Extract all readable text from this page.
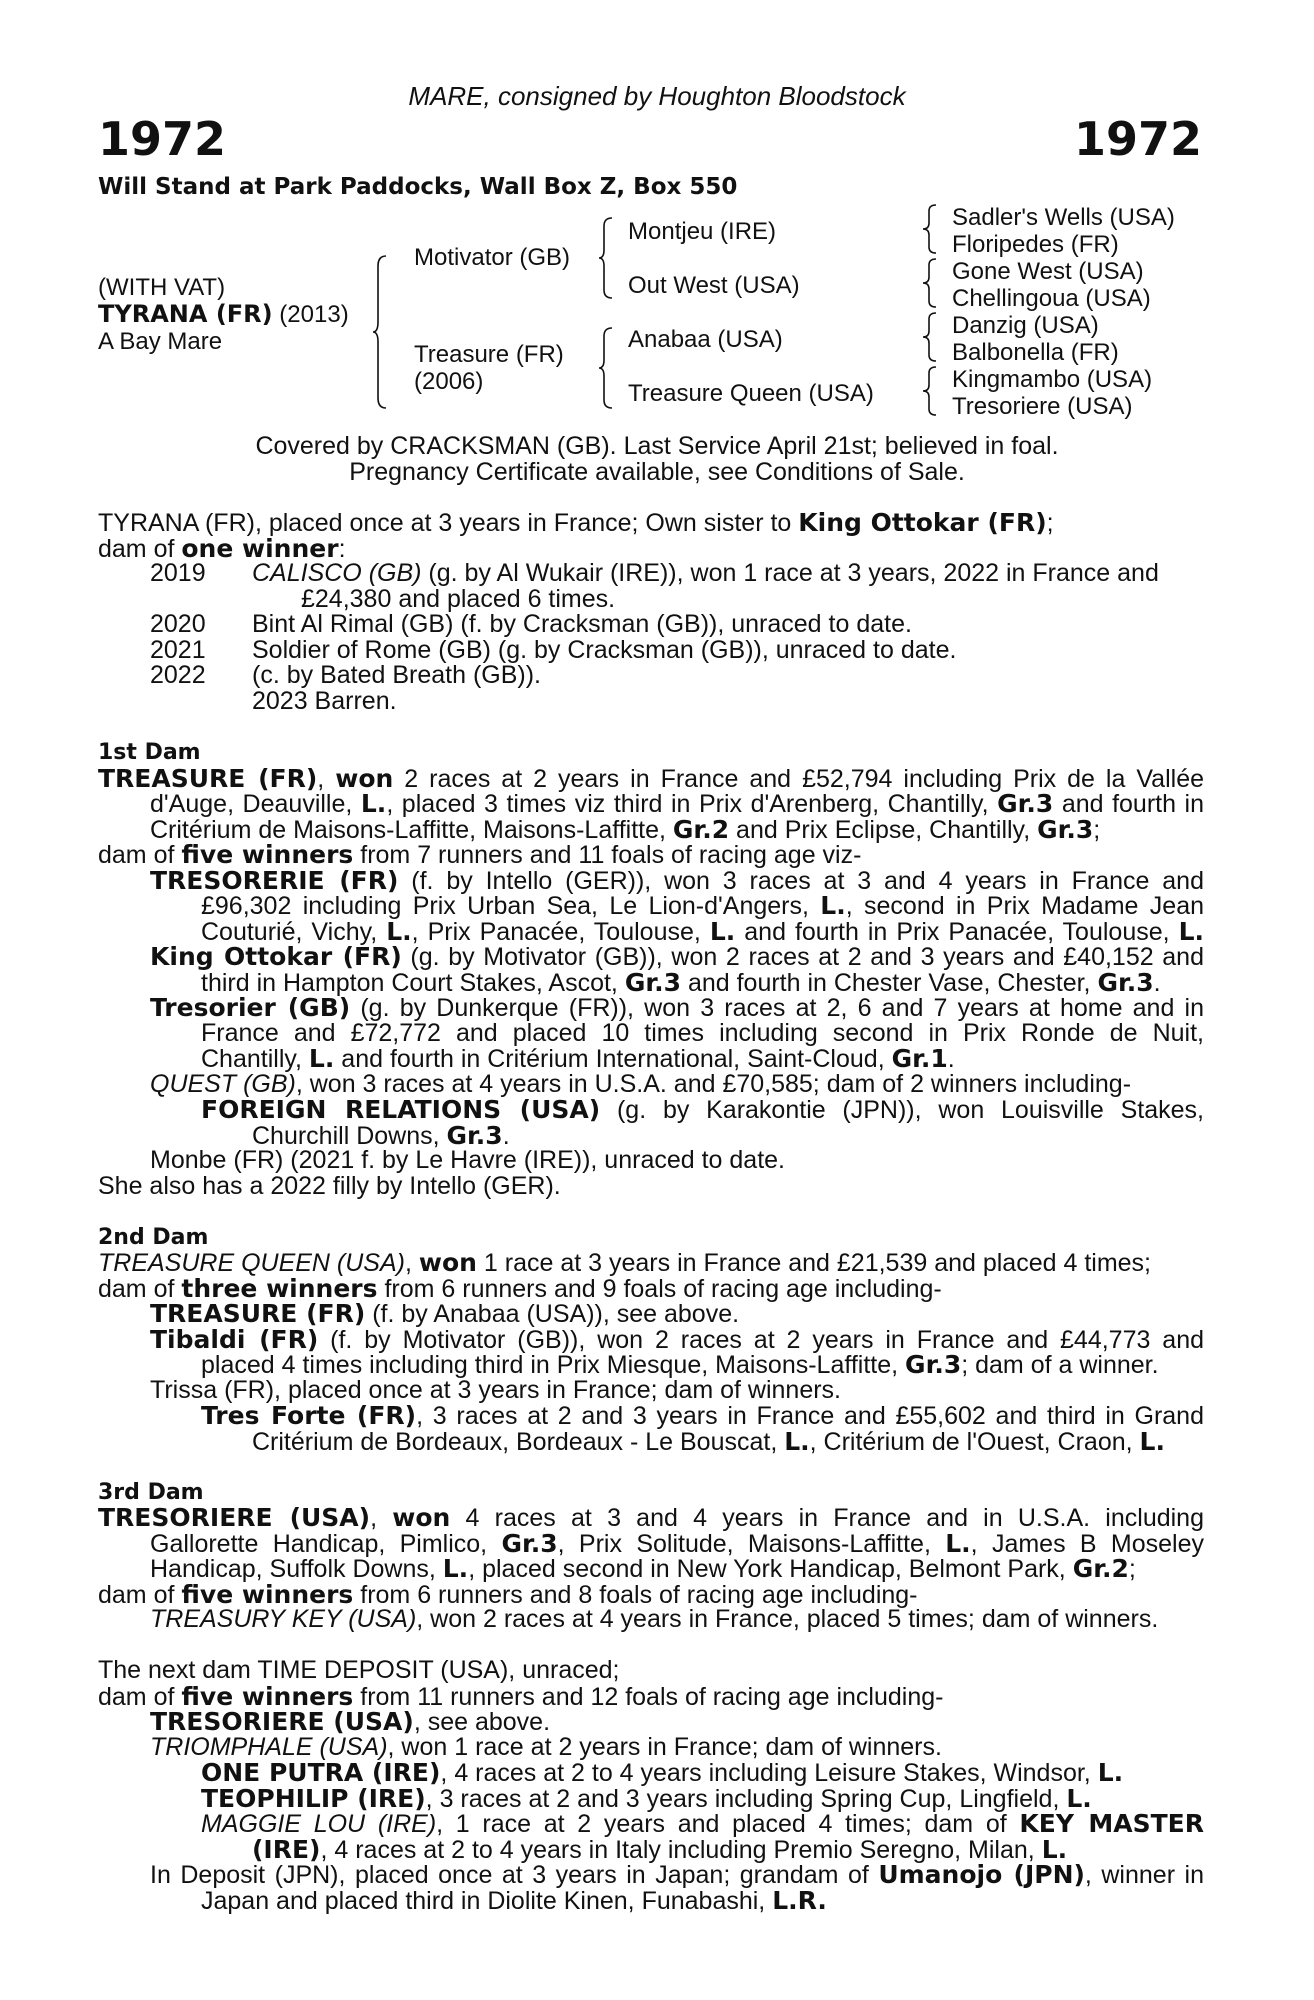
MARE, consigned by Houghton Bloodstock
1972	1972
Will Stand at Park Paddocks, Wall Box Z, Box 550
(WITH VAT)
TYRANA (FR) (2013)
A Bay Mare
Motivator (GB)
Treasure (FR)
(2006)
Montjeu (IRE)
Out West (USA)
Anabaa (USA)
Treasure Queen (USA)
Sadler's Wells (USA)
Floripedes (FR)
Gone West (USA)
Chellingoua (USA)
Danzig (USA)
Balbonella (FR)
Kingmambo (USA)
Tresoriere (USA)
Covered by CRACKSMAN (GB). Last Service April 21st; believed in foal.
Pregnancy Certificate available, see Conditions of Sale.
TYRANA (FR), placed once at 3 years in France; Own sister to King Ottokar (FR);
dam of one winner:
2019 CALISCO (GB) (g. by Al Wukair (IRE)), won 1 race at 3 years, 2022 in France and
£24,380 and placed 6 times.
2020 Bint Al Rimal (GB) (f. by Cracksman (GB)), unraced to date.
2021 Soldier of Rome (GB) (g. by Cracksman (GB)), unraced to date.
2022 (c. by Bated Breath (GB)).
2023 Barren.
1st Dam
TREASURE (FR), won 2 races at 2 years in France and £52,794 including Prix de la Vallée
d'Auge, Deauville, L., placed 3 times viz third in Prix d'Arenberg, Chantilly, Gr.3 and fourth in
Critérium de Maisons-Laffitte, Maisons-Laffitte, Gr.2 and Prix Eclipse, Chantilly, Gr.3;
dam of five winners from 7 runners and 11 foals of racing age viz-
TRESORERIE (FR) (f. by Intello (GER)), won 3 races at 3 and 4 years in France and
£96,302 including Prix Urban Sea, Le Lion-d'Angers, L., second in Prix Madame Jean
Couturié, Vichy, L., Prix Panacée, Toulouse, L. and fourth in Prix Panacée, Toulouse, L.
King Ottokar (FR) (g. by Motivator (GB)), won 2 races at 2 and 3 years and £40,152 and
third in Hampton Court Stakes, Ascot, Gr.3 and fourth in Chester Vase, Chester, Gr.3.
Tresorier (GB) (g. by Dunkerque (FR)), won 3 races at 2, 6 and 7 years at home and in
France and £72,772 and placed 10 times including second in Prix Ronde de Nuit,
Chantilly, L. and fourth in Critérium International, Saint-Cloud, Gr.1.
QUEST (GB), won 3 races at 4 years in U.S.A. and £70,585; dam of 2 winners including-
FOREIGN RELATIONS (USA) (g. by Karakontie (JPN)), won Louisville Stakes,
Churchill Downs, Gr.3.
Monbe (FR) (2021 f. by Le Havre (IRE)), unraced to date.
She also has a 2022 filly by Intello (GER).
2nd Dam
TREASURE QUEEN (USA), won 1 race at 3 years in France and £21,539 and placed 4 times;
dam of three winners from 6 runners and 9 foals of racing age including-
TREASURE (FR) (f. by Anabaa (USA)), see above.
Tibaldi (FR) (f. by Motivator (GB)), won 2 races at 2 years in France and £44,773 and
placed 4 times including third in Prix Miesque, Maisons-Laffitte, Gr.3; dam of a winner.
Trissa (FR), placed once at 3 years in France; dam of winners.
Tres Forte (FR), 3 races at 2 and 3 years in France and £55,602 and third in Grand
Critérium de Bordeaux, Bordeaux - Le Bouscat, L., Critérium de l'Ouest, Craon, L.
3rd Dam
TRESORIERE (USA), won 4 races at 3 and 4 years in France and in U.S.A. including
Gallorette Handicap, Pimlico, Gr.3, Prix Solitude, Maisons-Laffitte, L., James B Moseley
Handicap, Suffolk Downs, L., placed second in New York Handicap, Belmont Park, Gr.2;
dam of five winners from 6 runners and 8 foals of racing age including-
TREASURY KEY (USA), won 2 races at 4 years in France, placed 5 times; dam of winners.
The next dam TIME DEPOSIT (USA), unraced;
dam of five winners from 11 runners and 12 foals of racing age including-
TRESORIERE (USA), see above.
TRIOMPHALE (USA), won 1 race at 2 years in France; dam of winners.
ONE PUTRA (IRE), 4 races at 2 to 4 years including Leisure Stakes, Windsor, L.
TEOPHILIP (IRE), 3 races at 2 and 3 years including Spring Cup, Lingfield, L.
MAGGIE LOU (IRE), 1 race at 2 years and placed 4 times; dam of KEY MASTER
(IRE), 4 races at 2 to 4 years in Italy including Premio Seregno, Milan, L.
In Deposit (JPN), placed once at 3 years in Japan; grandam of Umanojo (JPN), winner in
Japan and placed third in Diolite Kinen, Funabashi, L.R.
